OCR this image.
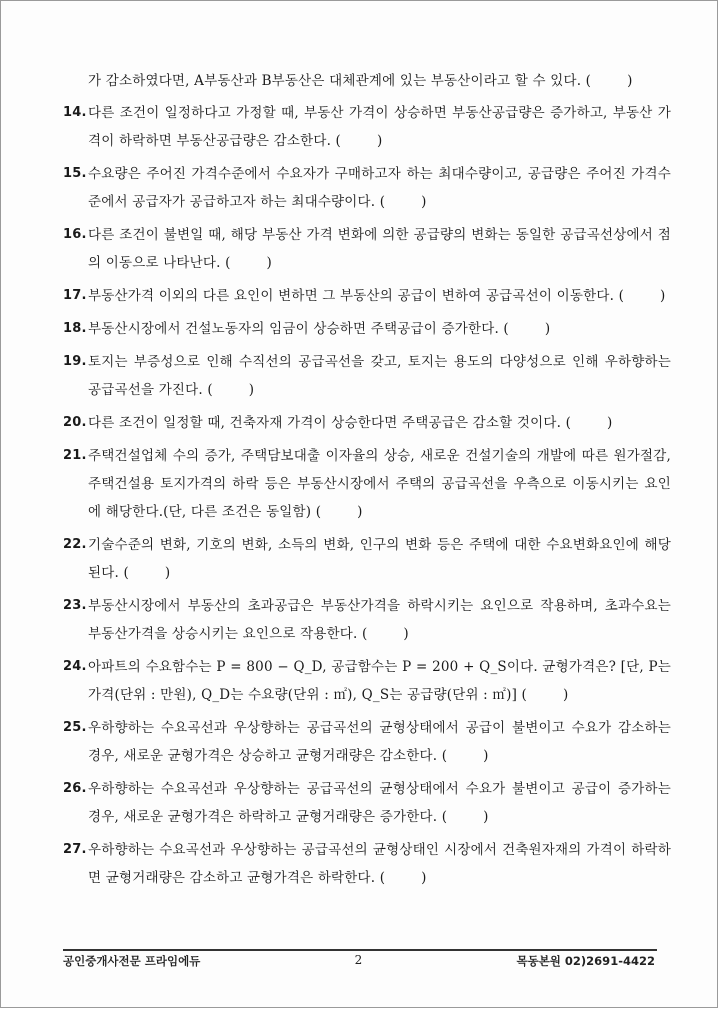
가 감소하였다면, A부동산과 B부동산은 대체관계에 있는 부동산이라고 할 수 있다. (        )
14. 다른 조건이 일정하다고 가정할 때, 부동산 가격이 상승하면 부동산공급량은 증가하고, 부동산 가격이 하락하면 부동산공급량은 감소한다. (        )
15. 수요량은 주어진 가격수준에서 수요자가 구매하고자 하는 최대수량이고, 공급량은 주어진 가격수준에서 공급자가 공급하고자 하는 최대수량이다. (        )
16. 다른 조건이 불변일 때, 해당 부동산 가격 변화에 의한 공급량의 변화는 동일한 공급곡선상에서 점의 이동으로 나타난다. (        )
17. 부동산가격 이외의 다른 요인이 변하면 그 부동산의 공급이 변하여 공급곡선이 이동한다. (        )
18. 부동산시장에서 건설노동자의 임금이 상승하면 주택공급이 증가한다. (        )
19. 토지는 부증성으로 인해 수직선의 공급곡선을 갖고, 토지는 용도의 다양성으로 인해 우하향하는 공급곡선을 가진다. (        )
20. 다른 조건이 일정할 때, 건축자재 가격이 상승한다면 주택공급은 감소할 것이다. (        )
21. 주택건설업체 수의 증가, 주택담보대출 이자율의 상승, 새로운 건설기술의 개발에 따른 원가절감, 주택건설용 토지가격의 하락 등은 부동산시장에서 주택의 공급곡선을 우측으로 이동시키는 요인에 해당한다.(단, 다른 조건은 동일함) (        )
22. 기술수준의 변화, 기호의 변화, 소득의 변화, 인구의 변화 등은 주택에 대한 수요변화요인에 해당된다. (        )
23. 부동산시장에서 부동산의 초과공급은 부동산가격을 하락시키는 요인으로 작용하며, 초과수요는 부동산가격을 상승시키는 요인으로 작용한다. (        )
24. 아파트의 수요함수는 P = 800 − Q_D, 공급함수는 P = 200 + Q_S이다. 균형가격은? [단, P는 가격(단위 : 만원), Q_D는 수요량(단위 : ㎡), Q_S는 공급량(단위 : ㎡)] (        )
25. 우하향하는 수요곡선과 우상향하는 공급곡선의 균형상태에서 공급이 불변이고 수요가 감소하는 경우, 새로운 균형가격은 상승하고 균형거래량은 감소한다. (        )
26. 우하향하는 수요곡선과 우상향하는 공급곡선의 균형상태에서 수요가 불변이고 공급이 증가하는 경우, 새로운 균형가격은 하락하고 균형거래량은 증가한다. (        )
27. 우하향하는 수요곡선과 우상향하는 공급곡선의 균형상태인 시장에서 건축원자재의 가격이 하락하면 균형거래량은 감소하고 균형가격은 하락한다. (        )
공인중개사전문 프라임에듀	2	목동본원 02)2691-4422
